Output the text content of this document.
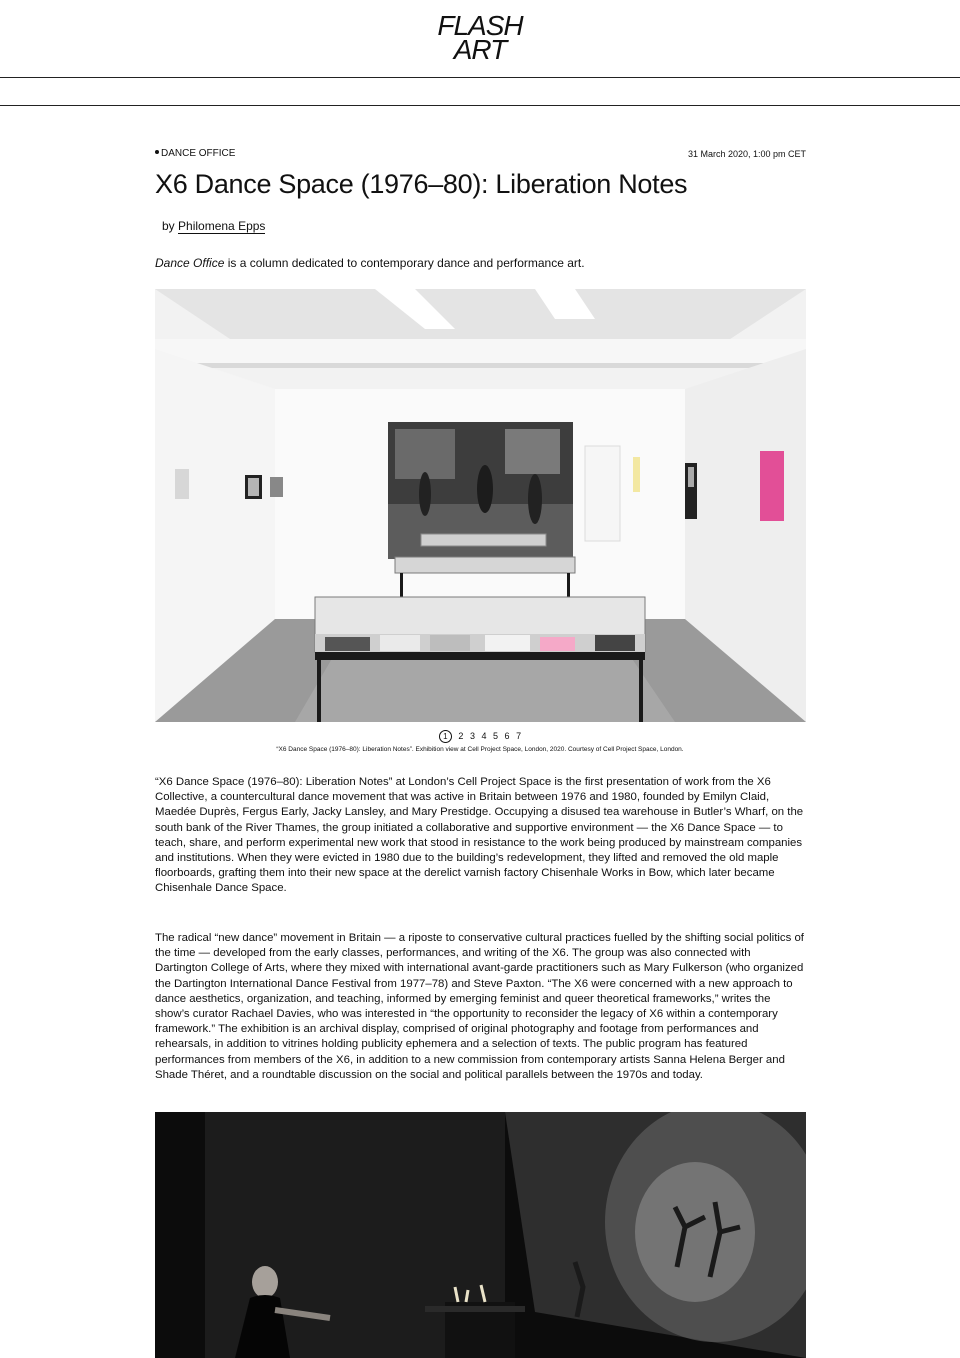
FLASH
ART
DANCE OFFICE	31 March 2020, 1:00 pm CET
X6 Dance Space (1976–80): Liberation Notes
by Philomena Epps
Dance Office is a column dedicated to contemporary dance and performance art.
1 2 3 4 5 6 7
“X6 Dance Space (1976–80): Liberation Notes”. Exhibition view at Cell Project Space, London, 2020. Courtesy of Cell Project Space, London.

“X6 Dance Space (1976–80): Liberation Notes” at London’s Cell Project Space is the first presentation of work from the X6 Collective, a countercultural dance movement that was active in Britain between 1976 and 1980, founded by Emilyn Claid, Maedée Duprès, Fergus Early, Jacky Lansley, and Mary Prestidge. Occupying a disused tea warehouse in Butler’s Wharf, on the south bank of the River Thames, the group initiated a collaborative and supportive environment — the X6 Dance Space — to teach, share, and perform experimental new work that stood in resistance to the work being produced by mainstream companies and institutions. When they were evicted in 1980 due to the building’s redevelopment, they lifted and removed the old maple floorboards, grafting them into their new space at the derelict varnish factory Chisenhale Works in Bow, which later became Chisenhale Dance Space.

The radical “new dance” movement in Britain — a riposte to conservative cultural practices fuelled by the shifting social politics of the time — developed from the early classes, performances, and writing of the X6. The group was also connected with Dartington College of Arts, where they mixed with international avant-garde practitioners such as Mary Fulkerson (who organized the Dartington International Dance Festival from 1977–78) and Steve Paxton. “The X6 were concerned with a new approach to dance aesthetics, organization, and teaching, informed by emerging feminist and queer theoretical frameworks,” writes the show’s curator Rachael Davies, who was interested in “the opportunity to reconsider the legacy of X6 within a contemporary framework.” The exhibition is an archival display, comprised of original photography and footage from performances and rehearsals, in addition to vitrines holding publicity ephemera and a selection of texts. The public program has featured performances from members of the X6, in addition to a new commission from contemporary artists Sanna Helena Berger and Shade Théret, and a roundtable discussion on the social and political parallels between the 1970s and today.
